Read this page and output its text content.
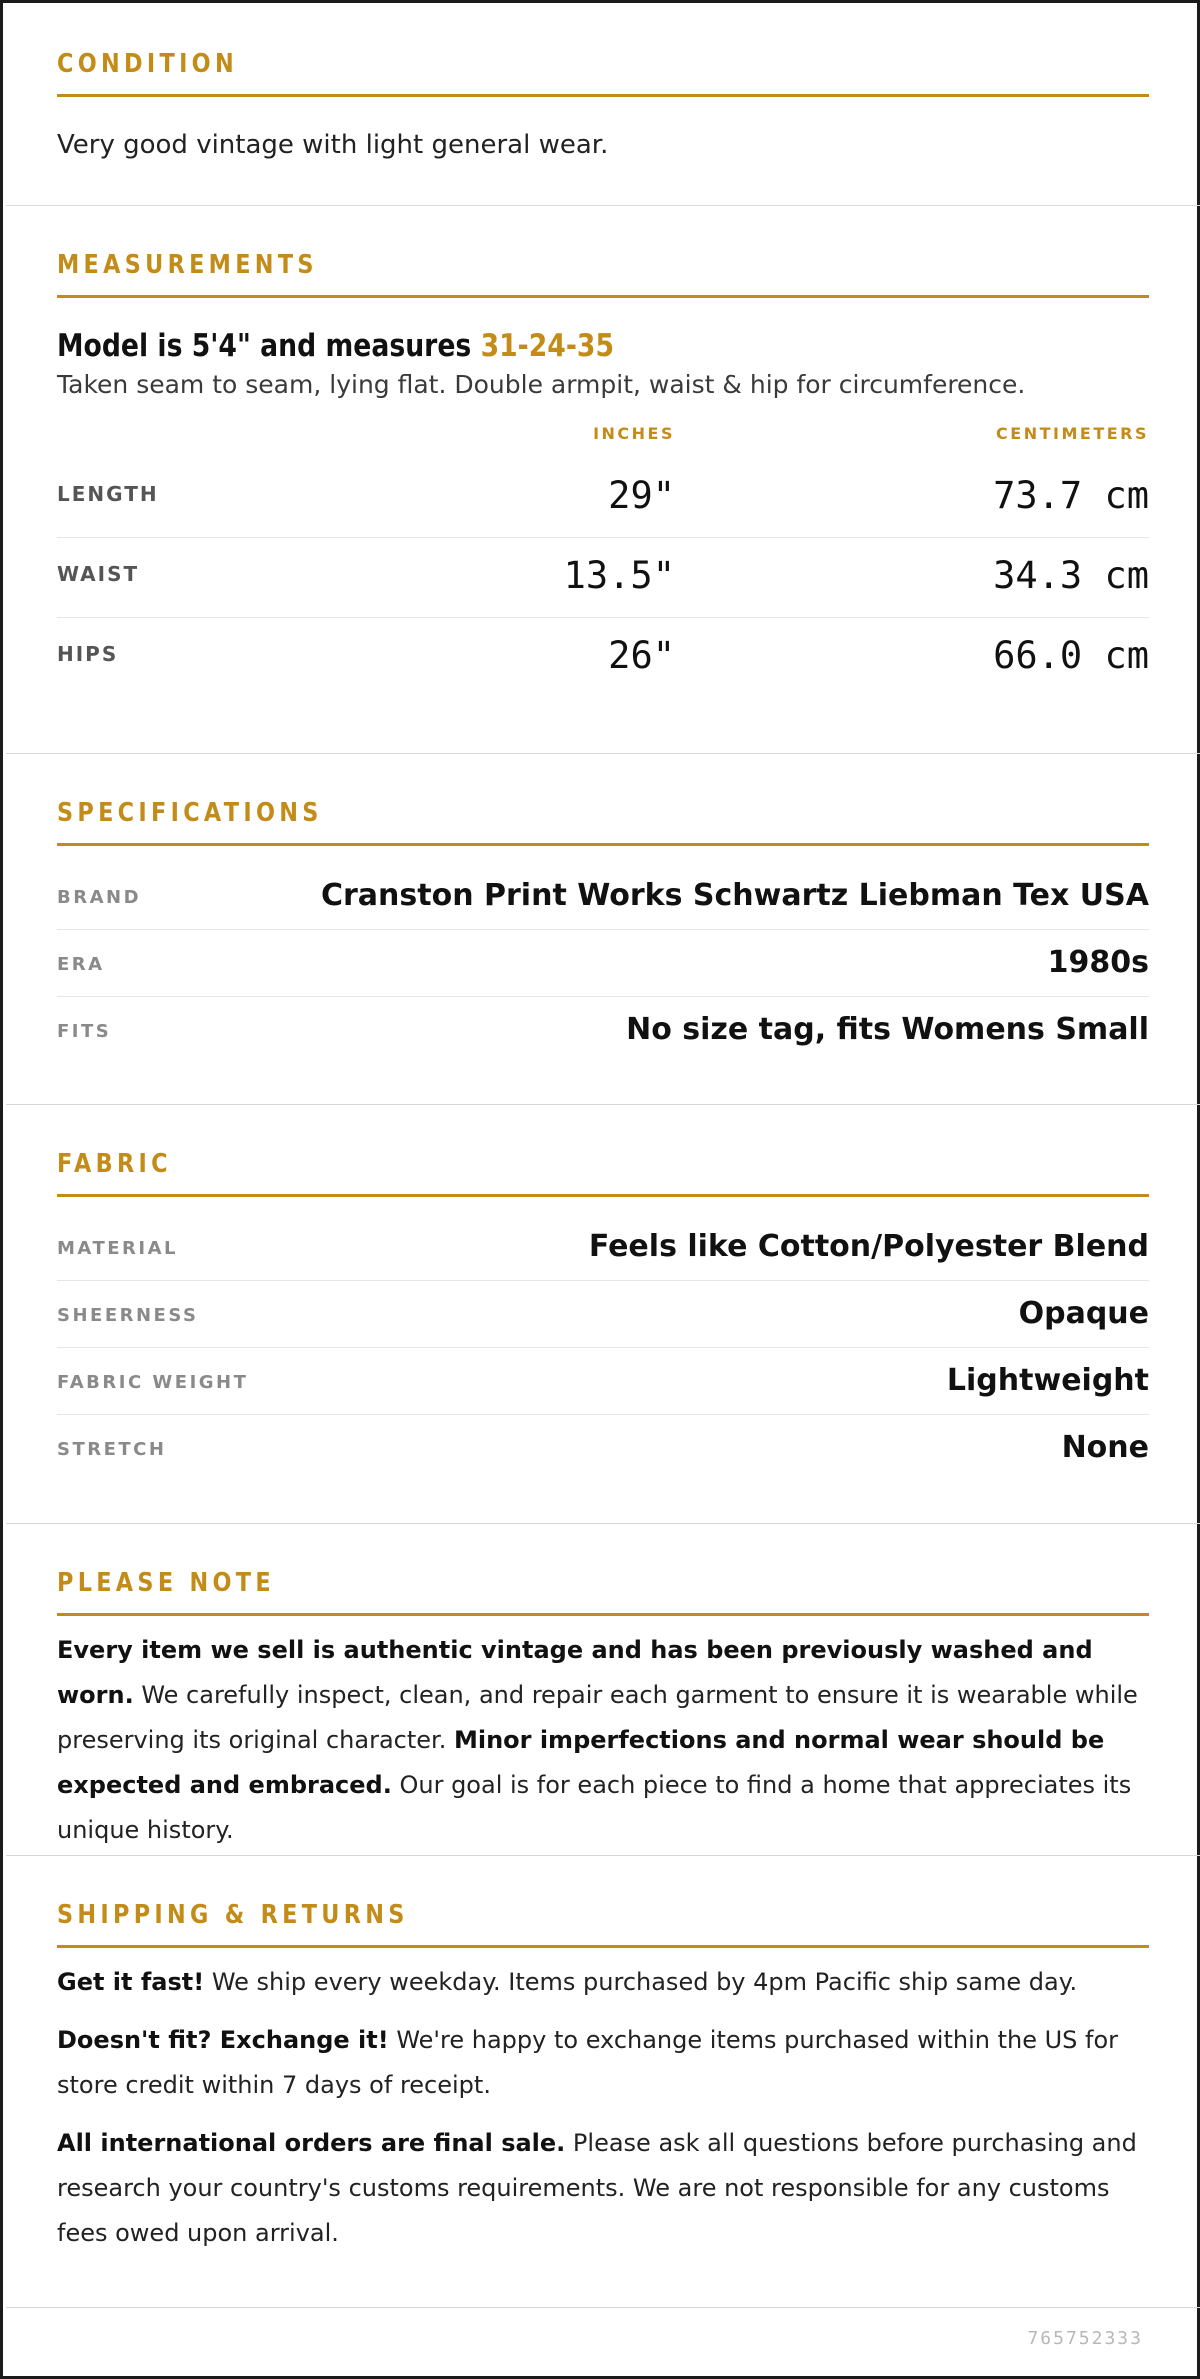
CONDITION
Very good vintage with light general wear.
MEASUREMENTS
Model is 5'4" and measures 31-24-35
Taken seam to seam, lying flat. Double armpit, waist & hip for circumference.
INCHES	CENTIMETERS
LENGTH	29"	73.7 cm
WAIST	13.5"	34.3 cm
HIPS	26"	66.0 cm
SPECIFICATIONS
BRAND	Cranston Print Works Schwartz Liebman Tex USA
ERA	1980s
FITS	No size tag, fits Womens Small
FABRIC
MATERIAL	Feels like Cotton/Polyester Blend
SHEERNESS	Opaque
FABRIC WEIGHT	Lightweight
STRETCH	None
PLEASE NOTE

Every item we sell is authentic vintage and has been previously washed and worn. We carefully inspect, clean, and repair each garment to ensure it is wearable while preserving its original character. Minor imperfections and normal wear should be expected and embraced. Our goal is for each piece to find a home that appreciates its unique history.

SHIPPING & RETURNS

Get it fast! We ship every weekday. Items purchased by 4pm Pacific ship same day.

Doesn't fit? Exchange it! We're happy to exchange items purchased within the US for store credit within 7 days of receipt.

All international orders are final sale. Please ask all questions before purchasing and research your country's customs requirements. We are not responsible for any customs fees owed upon arrival.

765752333
